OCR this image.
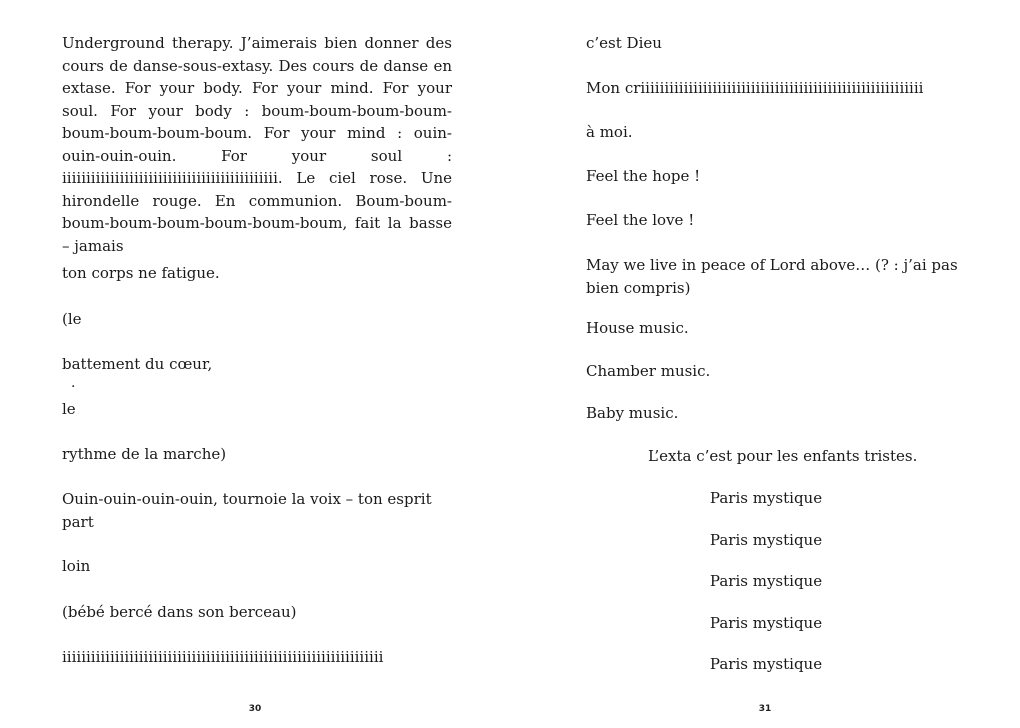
Underground therapy. J’aimerais bien donner des cours de danse-sous-extasy. Des cours de danse en extase. For your body. For your mind. For your soul. For your body : boum-boum-boum-boum-boum-boum-boum-boum. For your mind : ouin-ouin-ouin-ouin. For your soul : iiiiiiiiiiiiiiiiiiiiiiiiiiiiiiiiiiiiiiiiiiiii. Le ciel rose. Une hirondelle rouge. En communion. Boum-boum-boum-boum-boum-boum-boum-boum, fait la basse – jamais
ton corps ne fatigue.
(le
battement du cœur,
·
le
rythme de la marche)
Ouin-ouin-ouin-ouin, tournoie la voix – ton esprit part
loin
(bébé bercé dans son berceau)
iiiiiiiiiiiiiiiiiiiiiiiiiiiiiiiiiiiiiiiiiiiiiiiiiiiiiiiiiiiiiiiiiii
30
c’est Dieu
Mon criiiiiiiiiiiiiiiiiiiiiiiiiiiiiiiiiiiiiiiiiiiiiiiiiiiiiiiiiii
à moi.
Feel the hope !
Feel the love !
May we live in peace of Lord above… (? : j’ai pas bien compris)
House music.
Chamber music.
Baby music.
L’exta c’est pour les enfants tristes.
Paris mystique
Paris mystique
Paris mystique
Paris mystique
Paris mystique
31
